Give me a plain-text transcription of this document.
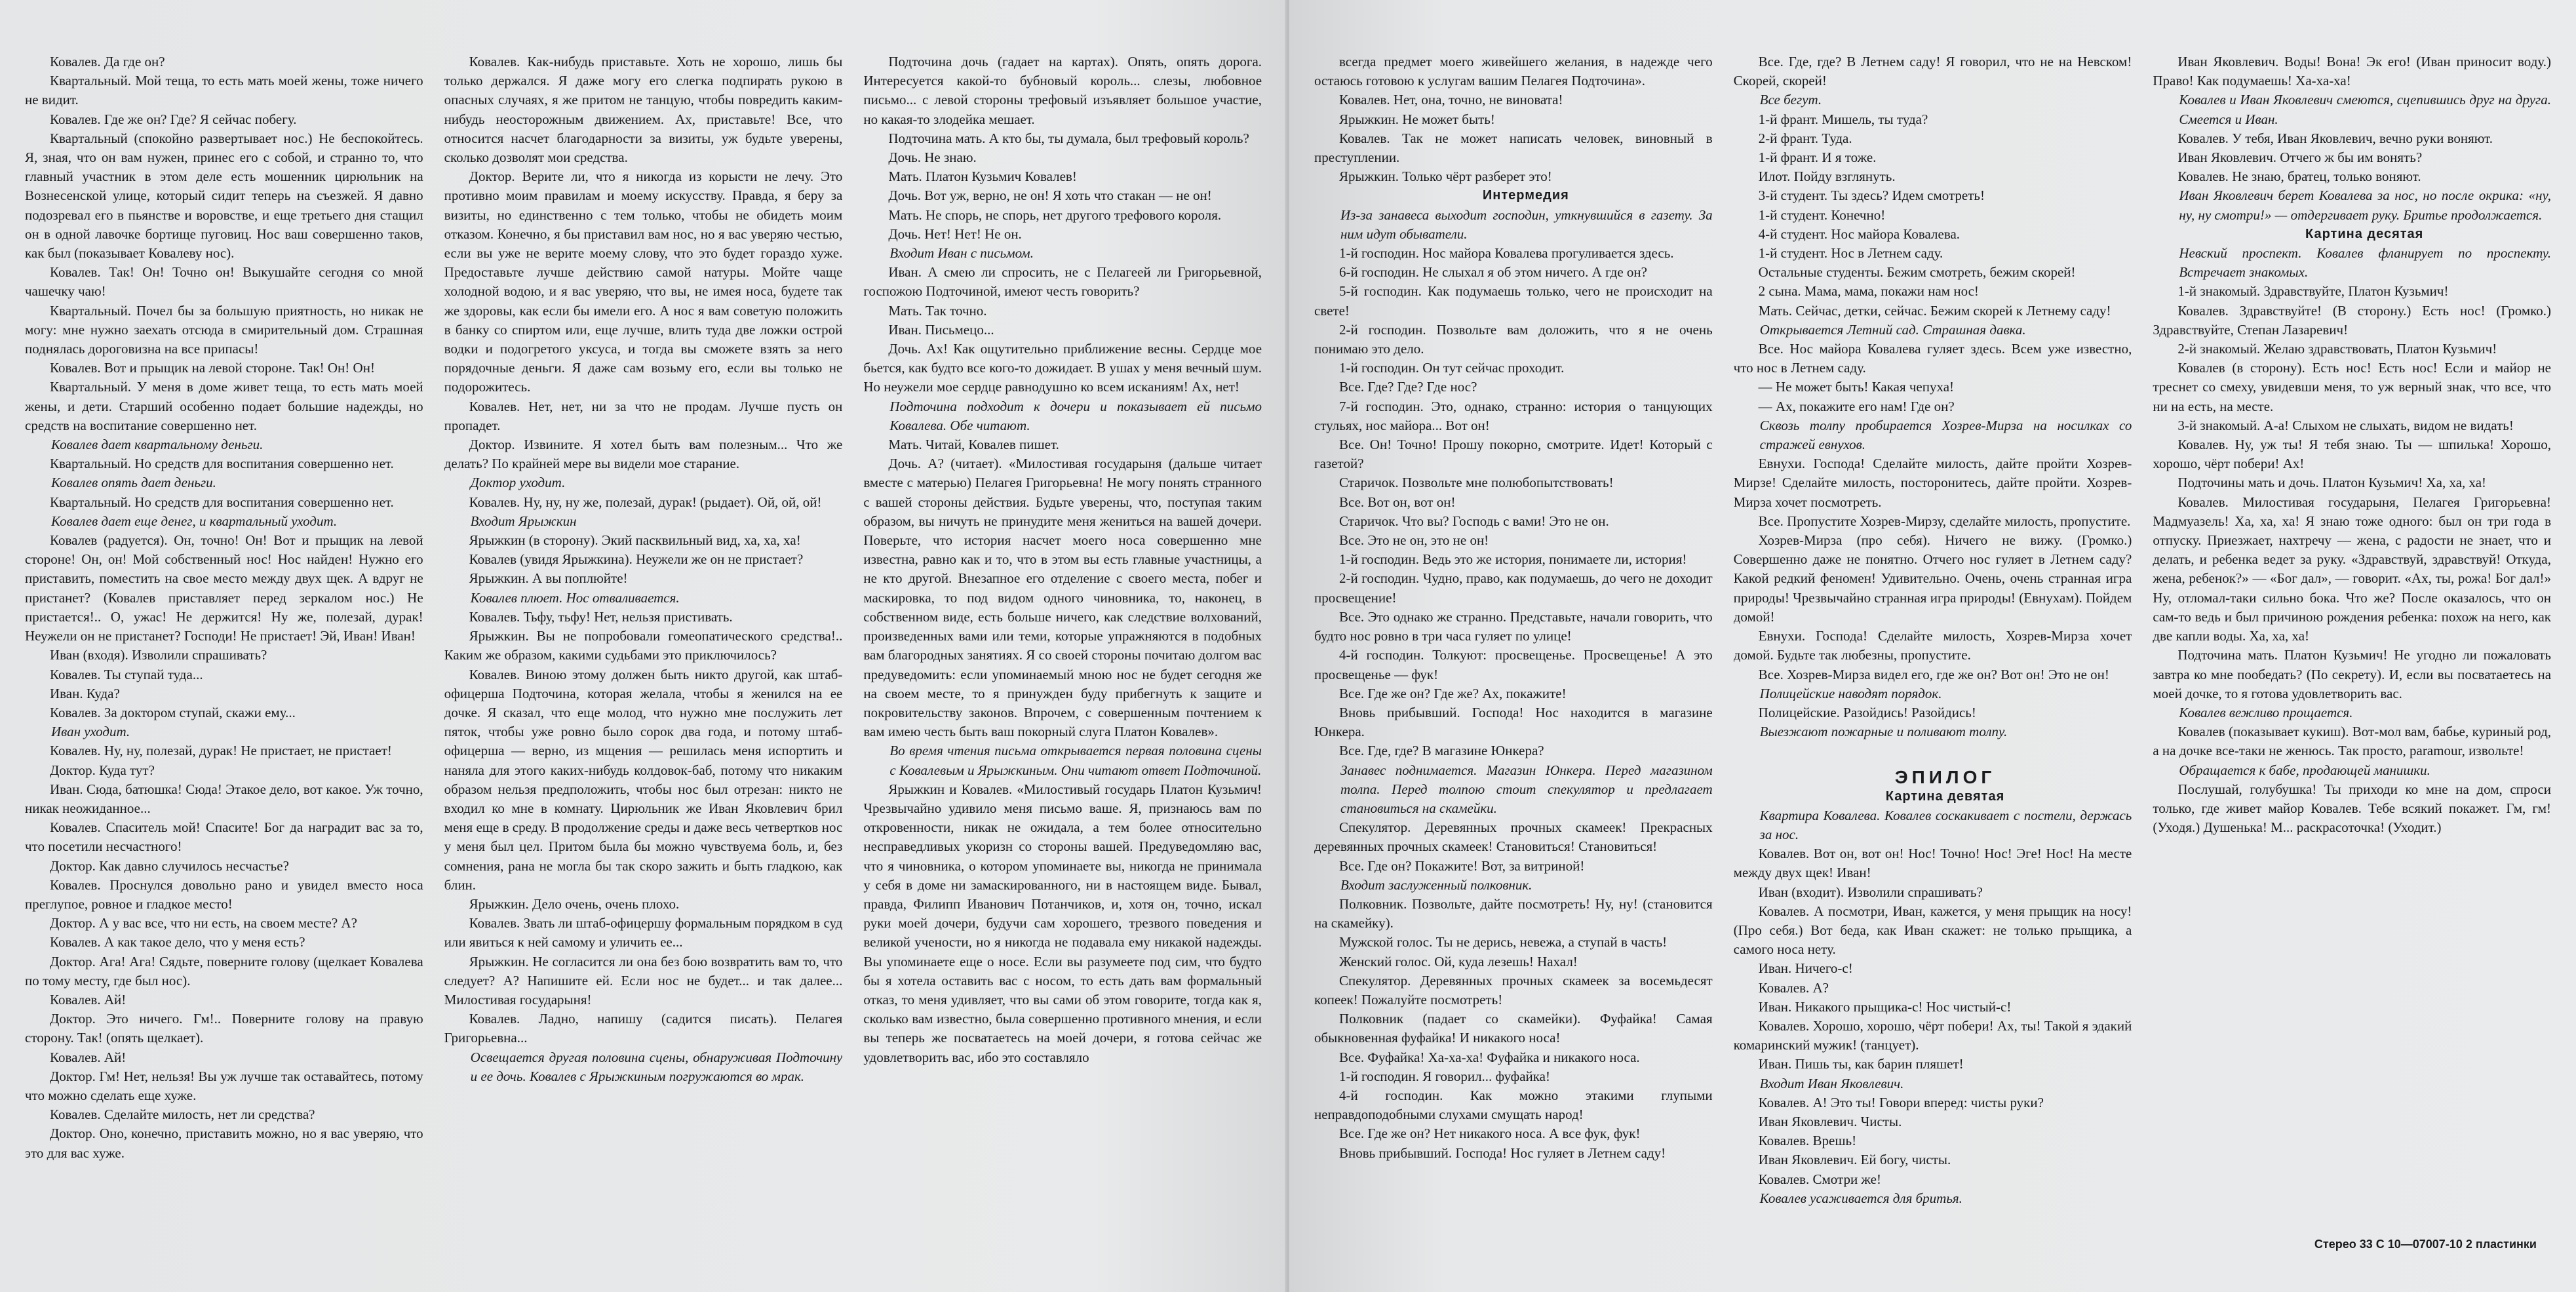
Ковалев. Да где он?

Квартальный. Мой теща, то есть мать моей жены, тоже ничего не видит.

Ковалев. Где же он? Где? Я сейчас побегу.

Квартальный (спокойно развертывает нос.) Не беспокойтесь. Я, зная, что он вам нужен, принес его с собой, и странно то, что главный участник в этом деле есть мошенник цирюльник на Вознесенской улице, который сидит теперь на съезжей. Я давно подозревал его в пьянстве и воровстве, и еще третьего дня стащил он в одной лавочке бортище пуговиц. Нос ваш совершенно таков, как был (показывает Ковалеву нос).

Ковалев. Так! Он! Точно он! Выкушайте сегодня со мной чашечку чаю!

Квартальный. Почел бы за большую приятность, но никак не могу: мне нужно заехать отсюда в смирительный дом. Страшная поднялась дороговизна на все припасы!

Ковалев. Вот и прыщик на левой стороне. Так! Он! Он!

Квартальный. У меня в доме живет теща, то есть мать моей жены, и дети. Старший особенно подает большие надежды, но средств на воспитание совершенно нет.

Ковалев дает квартальному деньги.

Квартальный. Но средств для воспитания совершенно нет.

Ковалев опять дает деньги.

Квартальный. Но средств для воспитания совершенно нет.

Ковалев дает еще денег, и квартальный уходит.

Ковалев (радуется). Он, точно! Он! Вот и прыщик на левой стороне! Он, он! Мой собственный нос! Нос найден! Нужно его приставить, поместить на свое место между двух щек. А вдруг не пристанет? (Ковалев приставляет перед зеркалом нос.) Не пристается!.. О, ужас! Не держится! Ну же, полезай, дурак! Неужели он не пристанет? Господи! Не пристает! Эй, Иван! Иван!

Иван (входя). Изволили спрашивать?

Ковалев. Ты ступай туда...

Иван. Куда?

Ковалев. За доктором ступай, скажи ему...

Иван уходит.

Ковалев. Ну, ну, полезай, дурак! Не пристает, не пристает!

Доктор. Куда тут?

Иван. Сюда, батюшка! Сюда! Этакое дело, вот какое. Уж точно, никак неожиданное...

Ковалев. Спаситель мой! Спасите! Бог да наградит вас за то, что посетили несчастного!

Доктор. Как давно случилось несчастье?

Ковалев. Проснулся довольно рано и увидел вместо носа преглупое, ровное и гладкое место!

Доктор. А у вас все, что ни есть, на своем месте? А?

Ковалев. А как такое дело, что у меня есть?

Доктор. Ага! Ага! Сядьте, поверните голову (щелкает Ковалева по тому месту, где был нос).

Ковалев. Ай!

Доктор. Это ничего. Гм!.. Поверните голову на правую сторону. Так! (опять щелкает).

Ковалев. Ай!

Доктор. Гм! Нет, нельзя! Вы уж лучше так оставайтесь, потому что можно сделать еще хуже.

Ковалев. Сделайте милость, нет ли средства?

Доктор. Оно, конечно, приставить можно, но я вас уверяю, что это для вас хуже.

Ковалев. Как-нибудь приставьте. Хоть не хорошо, лишь бы только держался. Я даже могу его слегка подпирать рукою в опасных случаях, я же притом не танцую, чтобы повредить каким-нибудь неосторожным движением. Ах, приставьте! Все, что относится насчет благодарности за визиты, уж будьте уверены, сколько дозволят мои средства.

Доктор. Верите ли, что я никогда из корысти не лечу. Это противно моим правилам и моему искусству. Правда, я беру за визиты, но единственно с тем только, чтобы не обидеть моим отказом. Конечно, я бы приставил вам нос, но я вас уверяю честью, если вы уже не верите моему слову, что это будет гораздо хуже. Предоставьте лучше действию самой натуры. Мойте чаще холодной водою, и я вас уверяю, что вы, не имея носа, будете так же здоровы, как если бы имели его. А нос я вам советую положить в банку со спиртом или, еще лучше, влить туда две ложки острой водки и подогретого уксуса, и тогда вы сможете взять за него порядочные деньги. Я даже сам возьму его, если вы только не подорожитесь.

Ковалев. Нет, нет, ни за что не продам. Лучше пусть он пропадет.

Доктор. Извините. Я хотел быть вам полезным... Что же делать? По крайней мере вы видели мое старание.

Доктор уходит.

Ковалев. Ну, ну, ну же, полезай, дурак! (рыдает). Ой, ой, ой!

Входит Ярыжкин

Ярыжкин (в сторону). Экий пасквильный вид, ха, ха, ха!

Ковалев (увидя Ярыжкина). Неужели же он не пристает?

Ярыжкин. А вы поплюйте!

Ковалев плюет. Нос отваливается.

Ковалев. Тьфу, тьфу! Нет, нельзя пристивать.

Ярыжкин. Вы не попробовали гомеопатического средства!.. Каким же образом, какими судьбами это приключилось?

Ковалев. Виною этому должен быть никто другой, как штаб-офицерша Подточина, которая желала, чтобы я женился на ее дочке. Я сказал, что еще молод, что нужно мне послужить лет пяток, чтобы уже ровно было сорок два года, и потому штаб-офицерша — верно, из мщения — решилась меня испортить и наняла для этого каких-нибудь колдовок-баб, потому что никаким образом нельзя предположить, чтобы нос был отрезан: никто не входил ко мне в комнату. Цирюльник же Иван Яковлевич брил меня еще в среду. В продолжение среды и даже весь четвертков нос у меня был цел. Притом была бы можно чувствуема боль, и, без сомнения, рана не могла бы так скоро зажить и быть гладкою, как блин.

Ярыжкин. Дело очень, очень плохо.

Ковалев. Звать ли штаб-офицершу формальным порядком в суд или явиться к ней самому и уличить ее...

Ярыжкин. Не согласится ли она без бою возвратить вам то, что следует? А? Напишите ей. Если нос не будет... и так далее... Милостивая государыня!

Ковалев. Ладно, напишу (садится писать). Пелагея Григорьевна...

Освещается другая половина сцены, обнаруживая Подточину и ее дочь. Ковалев с Ярыжкиным погружаются во мрак.

Подточина дочь (гадает на картах). Опять, опять дорога. Интересуется какой-то бубновый король... слезы, любовное письмо... с левой стороны трефовый изъявляет большое участие, но какая-то злодейка мешает.

Подточина мать. А кто бы, ты думала, был трефовый король?

Дочь. Не знаю.

Мать. Платон Кузьмич Ковалев!

Дочь. Вот уж, верно, не он! Я хоть что стакан — не он!

Мать. Не спорь, не спорь, нет другого трефового короля.

Дочь. Нет! Нет! Не он.

Входит Иван с письмом.

Иван. А смею ли спросить, не с Пелагеей ли Григорьевной, госпожою Подточиной, имеют честь говорить?

Мать. Так точно.

Иван. Письмецо...

Дочь. Ах! Как ощутительно приближение весны. Сердце мое бьется, как будто все кого-то дожидает. В ушах у меня вечный шум. Но неужели мое сердце равнодушно ко всем исканиям! Ах, нет!

Подточина подходит к дочери и показывает ей письмо Ковалева. Обе читают.

Мать. Читай, Ковалев пишет.

Дочь. А? (читает). «Милостивая государыня (дальше читает вместе с матерью) Пелагея Григорьевна! Не могу понять странного с вашей стороны действия. Будьте уверены, что, поступая таким образом, вы ничуть не принудите меня жениться на вашей дочери. Поверьте, что история насчет моего носа совершенно мне известна, равно как и то, что в этом вы есть главные участницы, а не кто другой. Внезапное его отделение с своего места, побег и маскировка, то под видом одного чиновника, то, наконец, в собственном виде, есть больше ничего, как следствие волхований, произведенных вами или теми, которые упражняются в подобных вам благородных занятиях. Я со своей стороны почитаю долгом вас предуведомить: если упоминаемый мною нос не будет сегодня же на своем месте, то я принужден буду прибегнуть к защите и покровительству законов. Впрочем, с совершенным почтением к вам имею честь быть ваш покорный слуга Платон Ковалев».

Во время чтения письма открывается первая половина сцены с Ковалевым и Ярыжкиным. Они читают ответ Подточиной.

Ярыжкин и Ковалев. «Милостивый государь Платон Кузьмич! Чрезвычайно удивило меня письмо ваше. Я, признаюсь вам по откровенности, никак не ожидала, а тем более относительно несправедливых укоризн со стороны вашей. Предуведомляю вас, что я чиновника, о котором упоминаете вы, никогда не принимала у себя в доме ни замаскированного, ни в настоящем виде. Бывал, правда, Филипп Иванович Потанчиков, и, хотя он, точно, искал руки моей дочери, будучи сам хорошего, трезвого поведения и великой учености, но я никогда не подавала ему никакой надежды. Вы упоминаете еще о носе. Если вы разумеете под сим, что будто бы я хотела оставить вас с носом, то есть дать вам формальный отказ, то меня удивляет, что вы сами об этом говорите, тогда как я, сколько вам известно, была совершенно противного мнения, и если вы теперь же посватаетесь на моей дочери, я готова сейчас же удовлетворить вас, ибо это составляло

всегда предмет моего живейшего желания, в надежде чего остаюсь готовою к услугам вашим Пелагея Подточина».

Ковалев. Нет, она, точно, не виновата!

Ярыжкин. Не может быть!

Ковалев. Так не может написать человек, виновный в преступлении.

Ярыжкин. Только чёрт разберет это!

Интермедия

Из-за занавеса выходит господин, уткнувшийся в газету. За ним идут обыватели.

1-й господин. Нос майора Ковалева прогуливается здесь.

6-й господин. Не слыхал я об этом ничего. А где он?

5-й господин. Как подумаешь только, чего не происходит на свете!

2-й господин. Позвольте вам доложить, что я не очень понимаю это дело.

1-й господин. Он тут сейчас проходит.

Все. Где? Где? Где нос?

7-й господин. Это, однако, странно: история о танцующих стульях, нос майора... Вот он!

Все. Он! Точно! Прошу покорно, смотрите. Идет! Который с газетой?

Старичок. Позвольте мне полюбопытствовать!

Все. Вот он, вот он!

Старичок. Что вы? Господь с вами! Это не он.

Все. Это не он, это не он!

1-й господин. Ведь это же история, понимаете ли, история!

2-й господин. Чудно, право, как подумаешь, до чего не доходит просвещение!

Все. Это однако же странно. Представьте, начали говорить, что будто нос ровно в три часа гуляет по улице!

4-й господин. Толкуют: просвещенье. Просвещенье! А это просвещенье — фук!

Все. Где же он? Где же? Ах, покажите!

Вновь прибывший. Господа! Нос находится в магазине Юнкера.

Все. Где, где? В магазине Юнкера?

Занавес поднимается. Магазин Юнкера. Перед магазином толпа. Перед толпою стоит спекулятор и предлагает становиться на скамейки.

Спекулятор. Деревянных прочных скамеек! Прекрасных деревянных прочных скамеек! Становиться! Становиться!

Все. Где он? Покажите! Вот, за витриной!

Входит заслуженный полковник.

Полковник. Позвольте, дайте посмотреть! Ну, ну! (становится на скамейку).

Мужской голос. Ты не дерись, невежа, а ступай в часть!

Женский голос. Ой, куда лезешь! Нахал!

Спекулятор. Деревянных прочных скамеек за восемьдесят копеек! Пожалуйте посмотреть!

Полковник (падает со скамейки). Фуфайка! Самая обыкновенная фуфайка! И никакого носа!

Все. Фуфайка! Ха-ха-ха! Фуфайка и никакого носа.

1-й господин. Я говорил... фуфайка!

4-й господин. Как можно этакими глупыми неправдоподобными слухами смущать народ!

Все. Где же он? Нет никакого носа. А все фук, фук!

Вновь прибывший. Господа! Нос гуляет в Летнем саду!

Все. Где, где? В Летнем саду! Я говорил, что не на Невском! Скорей, скорей!

Все бегут.

1-й франт. Мишель, ты туда?

2-й франт. Туда.

1-й франт. И я тоже.

Илот. Пойду взглянуть.

3-й студент. Ты здесь? Идем смотреть!

1-й студент. Конечно!

4-й студент. Нос майора Ковалева.

1-й студент. Нос в Летнем саду.

Остальные студенты. Бежим смотреть, бежим скорей!

2 сына. Мама, мама, покажи нам нос!

Мать. Сейчас, детки, сейчас. Бежим скорей к Летнему саду!

Открывается Летний сад. Страшная давка.

Все. Нос майора Ковалева гуляет здесь. Всем уже известно, что нос в Летнем саду.

— Не может быть! Какая чепуха!

— Ах, покажите его нам! Где он?

Сквозь толпу пробирается Хозрев-Мирза на носилках со стражей евнухов.

Евнухи. Господа! Сделайте милость, дайте пройти Хозрев-Мирзе! Сделайте милость, посторонитесь, дайте пройти. Хозрев-Мирза хочет посмотреть.

Все. Пропустите Хозрев-Мирзу, сделайте милость, пропустите.

Хозрев-Мирза (про себя). Ничего не вижу. (Громко.) Совершенно даже не понятно. Отчего нос гуляет в Летнем саду? Какой редкий феномен! Удивительно. Очень, очень странная игра природы! Чрезвычайно странная игра природы! (Евнухам). Пойдем домой!

Евнухи. Господа! Сделайте милость, Хозрев-Мирза хочет домой. Будьте так любезны, пропустите.

Все. Хозрев-Мирза видел его, где же он? Вот он! Это не он!

Полицейские наводят порядок.

Полицейские. Разойдись! Разойдись!

Выезжают пожарные и поливают толпу.

ЭПИЛОГ

Картина девятая

Квартира Ковалева. Ковалев соскакивает с постели, держась за нос.

Ковалев. Вот он, вот он! Нос! Точно! Нос! Эге! Нос! На месте между двух щек! Иван!

Иван (входит). Изволили спрашивать?

Ковалев. А посмотри, Иван, кажется, у меня прыщик на носу! (Про себя.) Вот беда, как Иван скажет: не только прыщика, а самого носа нету.

Иван. Ничего-с!

Ковалев. А?

Иван. Никакого прыщика-с! Нос чистый-с!

Ковалев. Хорошо, хорошо, чёрт побери! Ах, ты! Такой я эдакий комаринский мужик! (танцует).

Иван. Пишь ты, как барин пляшет!

Входит Иван Яковлевич.

Ковалев. А! Это ты! Говори вперед: чисты руки?

Иван Яковлевич. Чисты.

Ковалев. Врешь!

Иван Яковлевич. Ей богу, чисты.

Ковалев. Смотри же!

Ковалев усаживается для бритья.

Иван Яковлевич. Воды! Вона! Эк его! (Иван приносит воду.) Право! Как подумаешь! Ха-ха-ха!

Ковалев и Иван Яковлевич смеются, сцепившись друг на друга. Смеется и Иван.

Ковалев. У тебя, Иван Яковлевич, вечно руки воняют.

Иван Яковлевич. Отчего ж бы им вонять?

Ковалев. Не знаю, братец, только воняют.

Иван Яковлевич берет Ковалева за нос, но после окрика: «ну, ну, ну смотри!» — отдергивает руку. Бритье продолжается.

Картина десятая

Невский проспект. Ковалев фланирует по проспекту. Встречает знакомых.

1-й знакомый. Здравствуйте, Платон Кузьмич!

Ковалев. Здравствуйте! (В сторону.) Есть нос! (Громко.) Здравствуйте, Степан Лазаревич!

2-й знакомый. Желаю здравствовать, Платон Кузьмич!

Ковалев (в сторону). Есть нос! Есть нос! Если и майор не треснет со смеху, увидевши меня, то уж верный знак, что все, что ни на есть, на месте.

3-й знакомый. А-а! Слыхом не слыхать, видом не видать!

Ковалев. Ну, уж ты! Я тебя знаю. Ты — шпилька! Хорошо, хорошо, чёрт побери! Ах!

Подточины мать и дочь. Платон Кузьмич! Ха, ха, ха!

Ковалев. Милостивая государыня, Пелагея Григорьевна! Мадмуазель! Ха, ха, ха! Я знаю тоже одного: был он три года в отпуску. Приезжает, нахтречу — жена, с радости не знает, что и делать, и ребенка ведет за руку. «Здравствуй, здравствуй! Откуда, жена, ребенок?» — «Бог дал», — говорит. «Ах, ты, рожа! Бог дал!» Ну, отломал-таки сильно бока. Что же? После оказалось, что он сам-то ведь и был причиною рождения ребенка: похож на него, как две капли воды. Ха, ха, ха!

Подточина мать. Платон Кузьмич! Не угодно ли пожаловать завтра ко мне пообедать? (По секрету). И, если вы посватаетесь на моей дочке, то я готова удовлетворить вас.

Ковалев вежливо прощается.

Ковалев (показывает кукиш). Вот-мол вам, бабье, куриный род, а на дочке все-таки не женюсь. Так просто, paramour, извольте!

Обращается к бабе, продающей манишки.

Послушай, голубушка! Ты приходи ко мне на дом, спроси только, где живет майор Ковалев. Тебе всякий покажет. Гм, гм! (Уходя.) Душенька! М... раскрасоточка! (Уходит.)

Стерео 33 С 10—07007-10 2 пластинки
